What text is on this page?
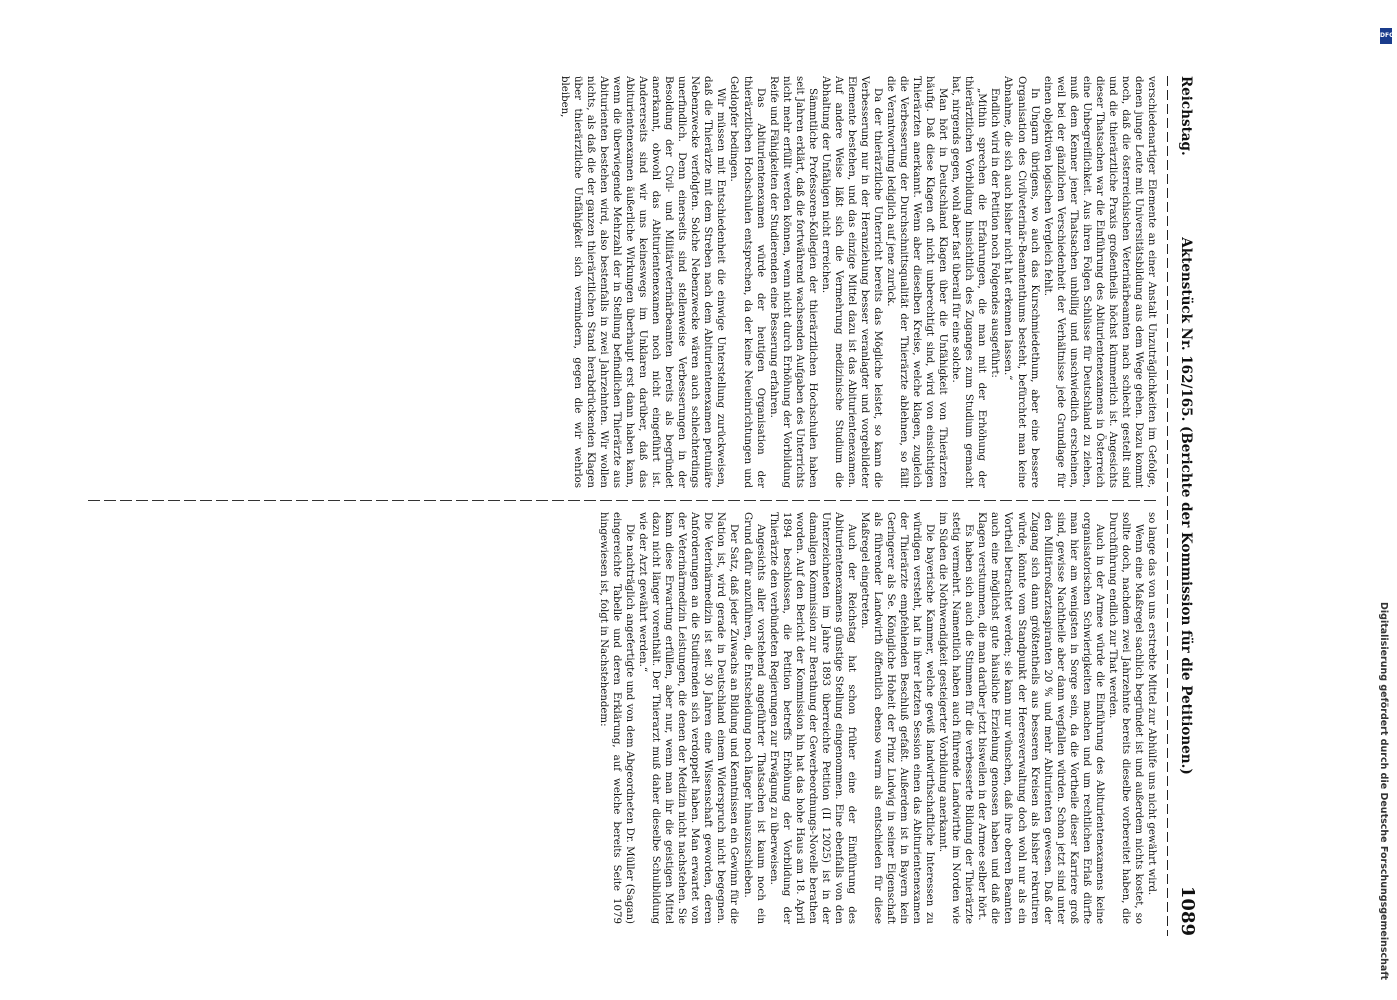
Reichstag.
Aktenstück Nr. 162/165. (Berichte der Kommission für die Petitionen.)
1089

verschiedenartiger Elemente an einer Anstalt Unzuträglichkeiten im Gefolge, denen junge Leute mit Universitätsbildung aus dem Wege gehen. Dazu kommt noch, daß die österreichischen Veterinärbeamten nach schlecht gestellt sind und die thierärztliche Praxis großentheils höchst kümmerlich ist. Angesichts dieser Thatsachen war die Einführung des Abiturientenexamens in Österreich eine Unbegreiflichkeit. Aus ihren Folgen Schlüsse für Deutschland zu ziehen, muß dem Kenner jener Thatsachen unbillig und unschwiedlich erscheinen, weil bei der gänzlichen Verschiedenheit der Verhältnisse jede Grundlage für einen objektiven logischen Vergleich fehlt.

In Ungarn übrigens, wo auch das Kurschmiedethum, aber eine bessere Organisation des Civilveterinär-Beamtenthums besteht, befürchtet man keine Abnahme, die sich auch bisher nicht hat erkennen lassen.“

Endlich wird in der Petition noch Folgendes ausgeführt:

„Mithin sprechen die Erfahrungen, die man mit der Erhöhung der thierärztlichen Vorbildung hinsichtlich des Zuganges zum Studium gemacht hat, nirgends gegen, wohl aber fast überall für eine solche.

Man hört in Deutschland Klagen über die Unfähigkeit von Thierärzten häufig. Daß diese Klagen oft nicht unberechtigt sind, wird von einsichtigen Thierärzten anerkannt. Wenn aber dieselben Kreise, welche klagen, zugleich die Verbesserung der Durchschnittsqualität der Thierärzte ablehnen, so fällt die Verantwortung lediglich auf jene zurück.

Da der thierärztliche Unterricht bereits das Mögliche leistet, so kann die Verbesserung nur in der Heranziehung besser veranlagter und vorgebildeter Elemente bestehen, und das einzige Mittel dazu ist das Abiturientenexamen. Auf andere Weise läßt sich die Vermehrung medizinische Studium die Abhaltung der Unfähigen nicht erreichen.

Sämmtliche Professoren-Kollegien der thierärztlichen Hochschulen haben seit Jahren erklärt, daß die fortwährend wachsenden Aufgaben des Unterrichts nicht mehr erfüllt werden können, wenn nicht durch Erhöhung der Vorbildung Reife und Fähigkeiten der Studierenden eine Besserung erfahren.

Das Abiturientenexamen würde der heutigen Organisation der thierärztlichen Hochschulen entsprechen, da der keine Neueinrichtungen und Geldopfer bedingen.

Wir müssen mit Entschiedenheit die einwige Unterstellung zurückweisen, daß die Thierärzte mit dem Streben nach dem Abiturientenexamen petuniäre Nebenzwecke verfolgten. Solche Nebenzwecke wären auch schlechterdings unerfindlich. Denn einerseits sind stellenweise Verbesserungen in der Besoldung der Civil- und Militärveterinärbeamten bereits als begründet anerkannt, obwohl das Abiturientenexamen noch nicht eingeführt ist. Andererseits sind wir uns keineswegs im Unklaren darüber, daß das Abiturientenexamen äußerliche Wirkungen überhaupt erst dann haben kann, wenn die überwiegende Mehrzahl der in Stellung befindlichen Thierärzte aus Abiturienten bestehen wird, also bestenfalls in zwei Jahrzehnten. Wir wollen nichts, als daß die der ganzen thierärztlichen Stand herabdrückenden Klagen über thierärztliche Unfähigkeit sich vermindern, gegen die wir wehrlos bleiben,

so lange das von uns erstrebte Mittel zur Abhülfe uns nicht gewährt wird.

Wenn eine Maßregel sachlich begründet ist und außerdem nichts kostet, so sollte doch, nachdem zwei Jahrzehnte bereits dieselbe vorbereitet haben, die Durchführung endlich zur That werden.

Auch in der Armee würde die Einführung des Abiturientenexamens keine organisatorischen Schwierigkeiten machen und um rechtlichen Erlaß dürfte man hier am wenigsten in Sorge sein, da die Vortheile dieser Karriere groß sind, gewisse Nachtheile aber dann wegfallen würden. Schon jetzt sind unter den Militärroßarztaspiranten 20 % und mehr Abiturienten gewesen. Daß der Zugang sich dann größtentheils aus besseren Kreisen als bisher rekrutiren würde, könnte vom Standpunkt der Heeresverwaltung doch wohl nur als ein Vortheil betrachtet werden; sie kann nur wünschen, daß ihre oberen Beamten auch eine möglichst gute häusliche Erziehung genossen haben und daß die Klagen verstummen, die man darüber jetzt bisweilen in der Armee selber hört.

Es haben sich auch die Stimmen für die verbesserte Bildung der Thierärzte stetig vermehrt. Namentlich haben auch führende Landwirthe im Norden wie im Süden die Nothwendigkeit gesteigerter Vorbildung anerkannt.

Die bayerische Kammer, welche gewiß landwirthschaftliche Interessen zu würdigen versteht, hat in ihrer letzten Session einen das Abiturientenexamen der Thierärzte empfehlenden Beschluß gefaßt. Außerdem ist in Bayern kein Geringerer als Se. Königliche Hoheit der Prinz Ludwig in seiner Eigenschaft als führender Landwirth öffentlich ebenso warm als entschieden für diese Maßregel eingetreten.

Auch der Reichstag hat schon früher eine der Einführung des Abiturientenexamens günstige Stellung eingenommen. Eine ebenfalls von den Unterzeichneten im Jahre 1893 überreichte Petition (II 12025) ist in der damaligen Kommission zur Berathung der Gewerbeordnungs-Novelle berathen worden. Auf den Bericht der Kommission hin hat das hohe Haus am 18. April 1894 beschlossen, die Petition betreffs Erhöhung der Vorbildung der Thierärzte den verbündeten Regierungen zur Erwägung zu überweisen.

Angesichts aller vorstehend angeführter Thatsachen ist kaum noch ein Grund dafür anzuführen, die Entscheidung noch länger hinauszuschieben.

Der Satz, daß jeder Zuwachs an Bildung und Kenntnissen ein Gewinn für die Nation ist, wird gerade in Deutschland einem Widerspruch nicht begegnen. Die Veterinärmedizin ist seit 30 Jahren eine Wissenschaft geworden, deren Anforderungen an die Studirenden sich verdoppelt haben. Man erwartet von der Veterinärmedizin Leistungen, die denen der Medizin nicht nachstehen. Sie kann diese Erwartung erfüllen, aber nur, wenn man ihr die geistigen Mittel dazu nicht länger vorenthält. Der Thierarzt muß daher dieselbe Schulbildung wie der Arzt gewährt werden.“

Die nachträglich angefertigte und von dem Abgeordneten Dr. Müller (Sagan) eingereichte Tabelle und deren Erklärung, auf welche bereits Seite 1079 hingewiesen ist, folgt in Nachstehendem:	Digitalisierung gefördert durch die Deutsche Forschungsgemeinschaft
DFG
